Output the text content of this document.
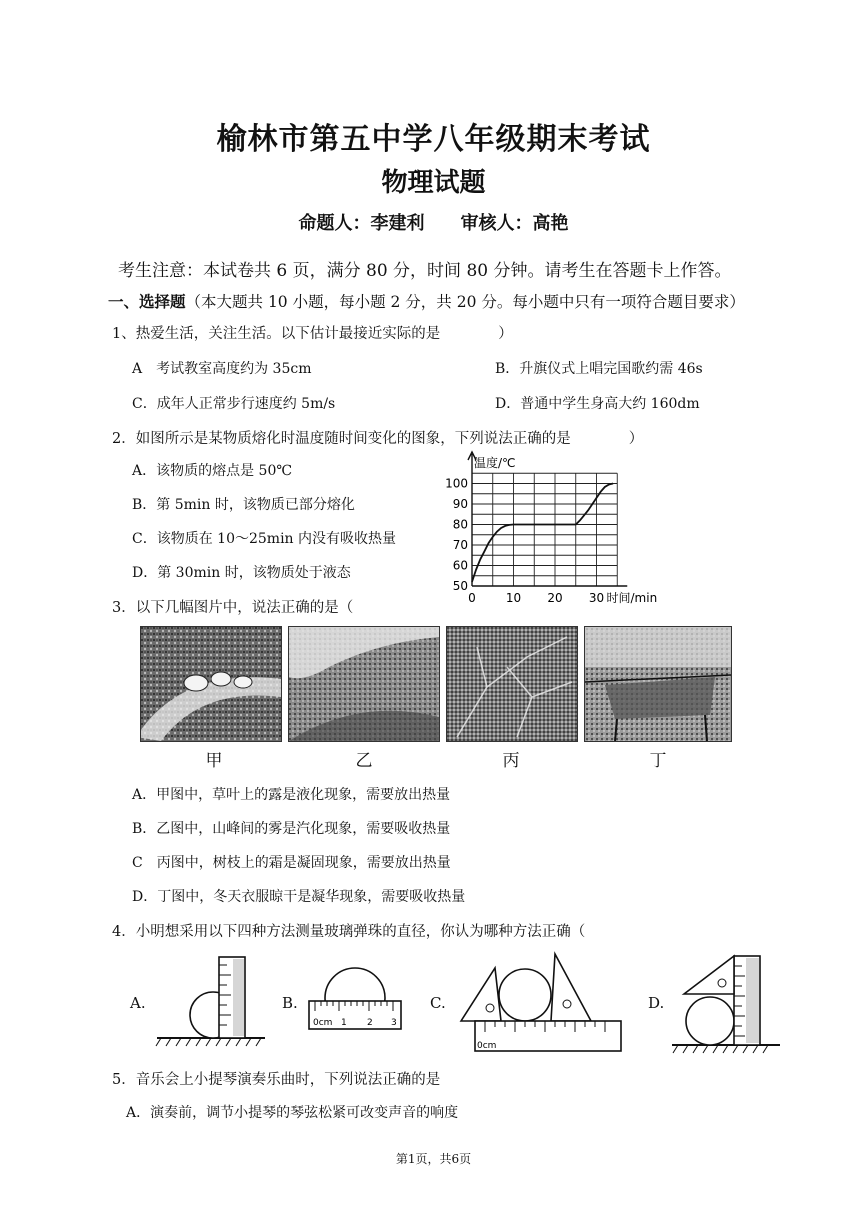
榆林市第五中学八年级期末考试
物理试题
命题人：李建利　　审核人：高艳
考生注意：本试卷共 6 页，满分 80 分，时间 80 分钟。请考生在答题卡上作答。
一、选择题（本大题共 10 小题，每小题 2 分，共 20 分。每小题中只有一项符合题目要求）
1、热爱生活，关注生活。以下估计最接近实际的是　　　　）
A　考试教室高度约为 35cm	B．升旗仪式上唱完国歌约需 46s
C．成年人正常步行速度约 5m/s	D．普通中学生身高大约 160dm
2．如图所示是某物质熔化时温度随时间变化的图象，下列说法正确的是　　　　）
A．该物质的熔点是 50℃
B．第 5min 时，该物质已部分熔化
C．该物质在 10～25min 内没有吸收热量
D．第 30min 时，该物质处于液态
50
60
70
80
90
100
0	10 20 30
温度/℃
时间/min
3．以下几幅图片中，说法正确的是（
甲	乙	丙	丁
A．甲图中，草叶上的露是液化现象，需要放出热量
B．乙图中，山峰间的雾是汽化现象，需要吸收热量
C　丙图中，树枝上的霜是凝固现象，需要放出热量
D．丁图中，冬天衣服晾干是凝华现象，需要吸收热量
4．小明想采用以下四种方法测量玻璃弹珠的直径，你认为哪种方法正确（
A.	B.
0cm 1 2 3
C.
0cm
D.
5．音乐会上小提琴演奏乐曲时，下列说法正确的是
A．演奏前，调节小提琴的琴弦松紧可改变声音的响度
第1页，共6页
